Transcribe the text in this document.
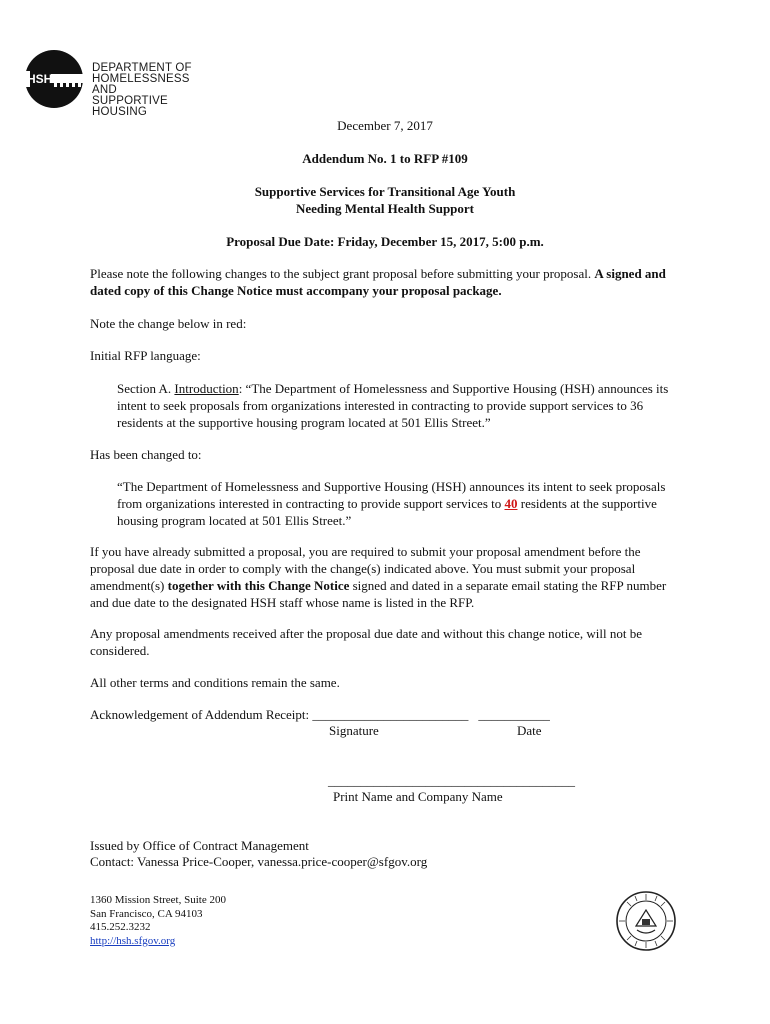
HSH
DEPARTMENT OF
HOMELESSNESS AND
SUPPORTIVE HOUSING
December 7, 2017
Addendum No. 1 to RFP #109
Supportive Services for Transitional Age Youth
Needing Mental Health Support
Proposal Due Date: Friday, December 15, 2017, 5:00 p.m.
Please note the following changes to the subject grant proposal before submitting your proposal. A signed and dated copy of this Change Notice must accompany your proposal package.
Note the change below in red:
Initial RFP language:
Section A. Introduction: “The Department of Homelessness and Supportive Housing (HSH) announces its intent to seek proposals from organizations interested in contracting to provide support services to 36 residents at the supportive housing program located at 501 Ellis Street.”
Has been changed to:
“The Department of Homelessness and Supportive Housing (HSH) announces its intent to seek proposals from organizations interested in contracting to provide support services to 40 residents at the supportive housing program located at 501 Ellis Street.”
If you have already submitted a proposal, you are required to submit your proposal amendment before the proposal due date in order to comply with the change(s) indicated above. You must submit your proposal amendment(s) together with this Change Notice signed and dated in a separate email stating the RFP number and due date to the designated HSH staff whose name is listed in the RFP.
Any proposal amendments received after the proposal due date and without this change notice, will not be considered.
All other terms and conditions remain the same.
Acknowledgement of Addendum Receipt: ________________________ ___________
Signature	Date
______________________________________
Print Name and Company Name
Issued by Office of Contract Management
Contact: Vanessa Price-Cooper, vanessa.price-cooper@sfgov.org
1360 Mission Street, Suite 200
San Francisco, CA 94103
415.252.3232
http://hsh.sfgov.org
